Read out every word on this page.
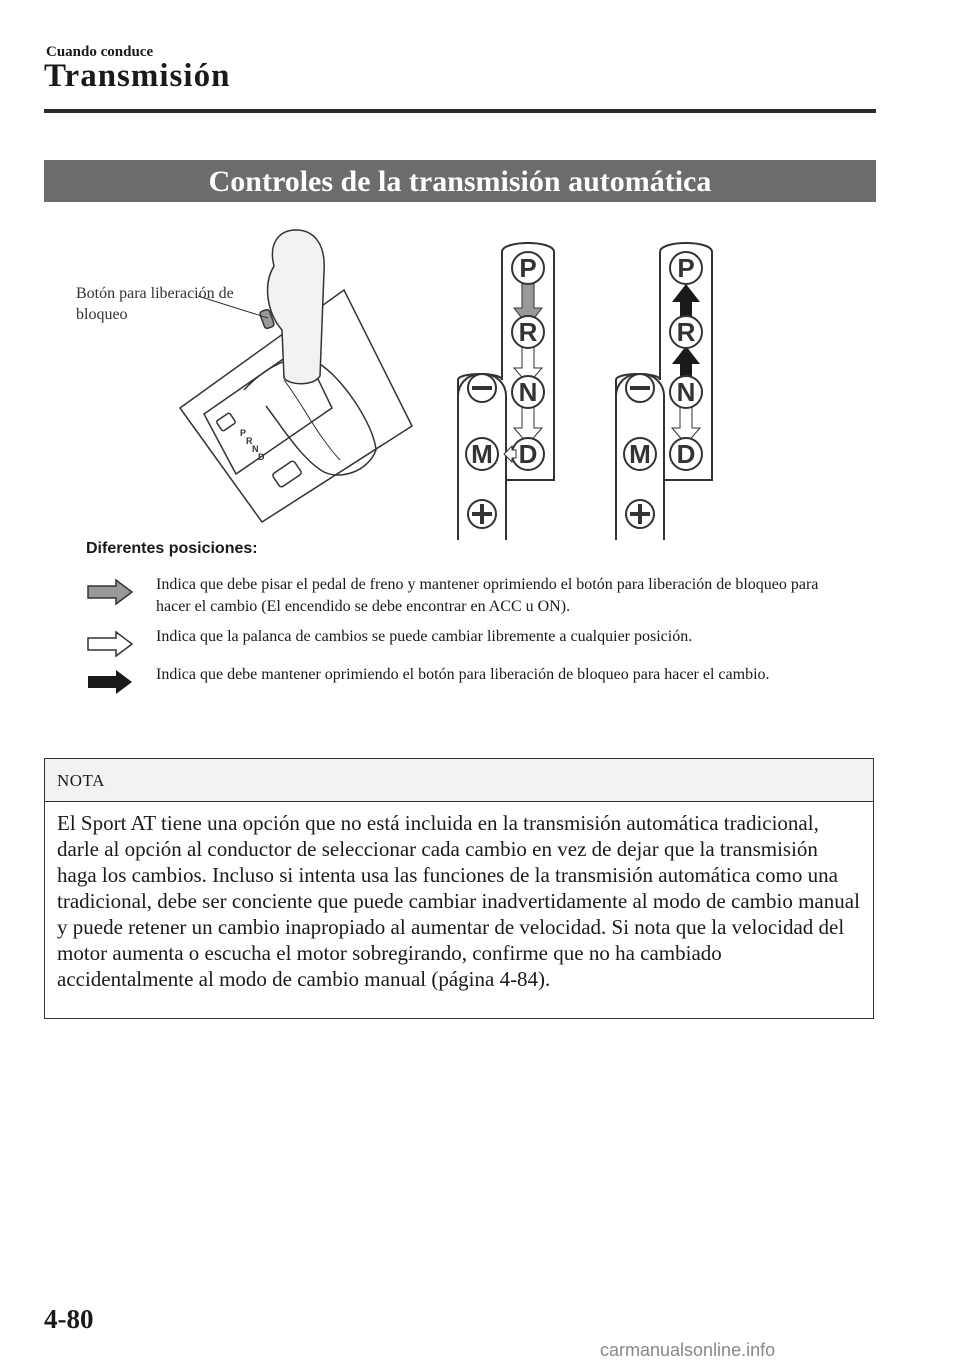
Cuando conduce
Transmisión
Controles de la transmisión automática
P
R
N
D
P
R
N
D
M
P
R
N
D
M
Botón para liberación de bloqueo
Diferentes posiciones:
Indica que debe pisar el pedal de freno y mantener oprimiendo el botón para liberación de bloqueo para hacer el cambio (El encendido se debe encontrar en ACC u ON).
Indica que la palanca de cambios se puede cambiar libremente a cualquier posición.
Indica que debe mantener oprimiendo el botón para liberación de bloqueo para hacer el cambio.
NOTA
El Sport AT tiene una opción que no está incluida en la transmisión automática tradicional, darle al opción al conductor de seleccionar cada cambio en vez de dejar que la transmisión haga los cambios. Incluso si intenta usa las funciones de la transmisión automática como una tradicional, debe ser conciente que puede cambiar inadvertidamente al modo de cambio manual y puede retener un cambio inapropiado al aumentar de velocidad. Si nota que la velocidad del motor aumenta o escucha el motor sobregirando, confirme que no ha cambiado accidentalmente al modo de cambio manual (página 4-84).
4-80
carmanualsonline.info
